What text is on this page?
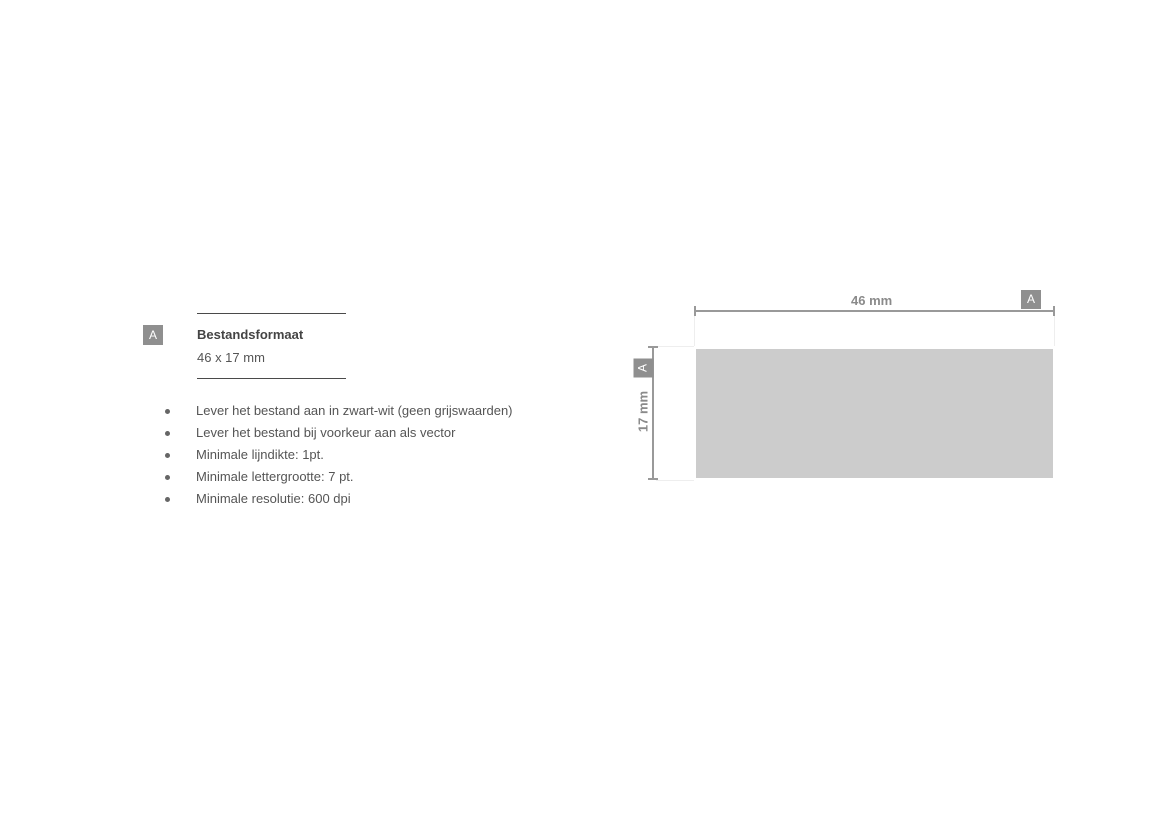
A	Bestandsformaat
46 x 17 mm
Lever het bestand aan in zwart-wit (geen grijswaarden)
Lever het bestand bij voorkeur aan als vector
Minimale lijndikte: 1pt.
Minimale lettergrootte: 7 pt.
Minimale resolutie: 600 dpi
46 mm	A
17 mm
A
